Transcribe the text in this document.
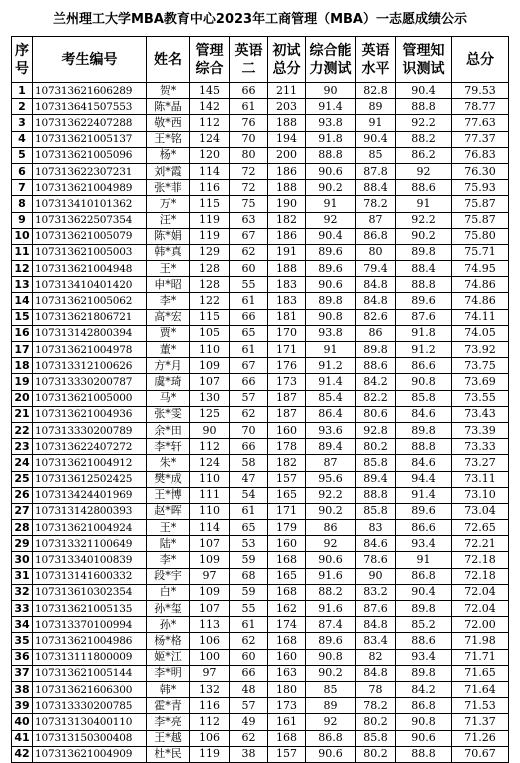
兰州理工大学MBA教育中心2023年工商管理（MBA）一志愿成绩公示
序号	考生编号	姓名	管理综合	英语二	初试总分	综合能力测试	英语水平	管理知识测试	总分
1	107313621606289	贺*	145	66	211	90	82.8	90.4	79.53
2	107313641507553	陈*晶	142	61	203	91.4	89	88.8	78.77
3	107313622407288	敬*西	112	76	188	93.8	91	92.2	77.63
4	107313621005137	王*铭	124	70	194	91.8	90.4	88.2	77.37
5	107313621005096	杨*	120	80	200	88.8	85	86.2	76.83
6	107313622307231	刘*霞	114	72	186	90.6	87.8	92	76.30
7	107313621004989	张*菲	116	72	188	90.2	88.4	88.6	75.93
8	107313410101362	万*	115	75	190	91	78.2	91	75.87
9	107313622507354	汪*	119	63	182	92	87	92.2	75.87
10	107313621005079	陈*娟	119	67	186	90.4	86.8	90.2	75.80
11	107313621005003	韩*真	129	62	191	89.6	80	89.8	75.71
12	107313621004948	王*	128	60	188	89.6	79.4	88.4	74.95
13	107313410401420	申*昭	128	55	183	90.6	84.8	88.8	74.86
14	107313621005062	李*	122	61	183	89.8	84.8	89.6	74.86
15	107313621806721	高*宏	115	66	181	90.8	82.6	87.6	74.11
16	107313142800394	贾*	105	65	170	93.8	86	91.8	74.05
17	107313621004978	董*	110	61	171	91	89.8	91.2	73.92
18	107313312100626	方*月	109	67	176	91.2	88.6	86.6	73.75
19	107313330200787	虞*琦	107	66	173	91.4	84.2	90.8	73.69
20	107313621005000	马*	130	57	187	85.4	82.2	85.8	73.55
21	107313621004936	张*雯	125	62	187	86.4	80.6	84.6	73.43
22	107313330200789	余*田	90	70	160	93.6	92.8	89.8	73.39
23	107313622407272	李*轩	112	66	178	89.4	80.2	88.8	73.33
24	107313621004912	朱*	124	58	182	87	85.8	84.6	73.27
25	107313612502425	樊*成	110	47	157	95.6	89.4	94.4	73.11
26	107313424401969	王*博	111	54	165	92.2	88.8	91.4	73.10
27	107313142800393	赵*晖	110	61	171	90.2	85.8	89.6	73.04
28	107313621004924	王*	114	65	179	86	83	86.6	72.65
29	107313321100649	陆*	107	53	160	92	84.6	93.4	72.21
30	107313340100839	李*	109	59	168	90.6	78.6	91	72.18
31	107313141600332	段*宇	97	68	165	91.6	90	86.8	72.18
32	107313610302354	白*	109	59	168	88.2	83.2	90.4	72.04
33	107313621005135	孙*玺	107	55	162	91.6	87.6	89.8	72.04
34	107313370100994	孙*	113	61	174	87.4	84.8	85.2	72.00
35	107313621004986	杨*格	106	62	168	89.6	83.4	88.6	71.98
36	107313111800009	姬*江	100	60	160	90.8	82	93.4	71.71
37	107313621005144	李*明	97	66	163	90.2	84.8	89.8	71.65
38	107313621606300	韩*	132	48	180	85	78	84.2	71.64
39	107313330200785	霍*青	116	57	173	89	78.2	86.8	71.53
40	107313130400110	李*亮	112	49	161	92	80.2	90.8	71.37
41	107313150300408	王*越	106	62	168	86.8	85.8	90.6	71.26
42	107313621004909	杜*民	119	38	157	90.6	80.2	88.8	70.67
